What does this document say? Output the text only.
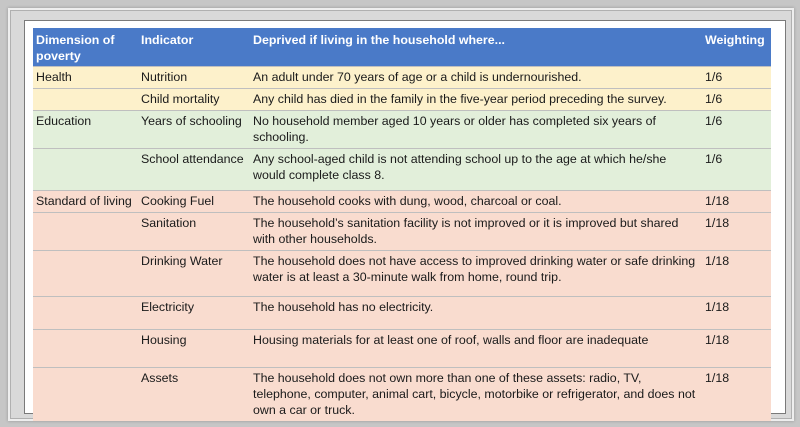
Dimension of poverty	Indicator	Deprived if living in the household where...	Weighting
Health	Nutrition	An adult under 70 years of age or a child is undernourished.	1/6
	Child mortality	Any child has died in the family in the five-year period preceding the survey.	1/6
Education	Years of schooling	No household member aged 10 years or older has completed six years of schooling.	1/6
	School attendance	Any school-aged child is not attending school up to the age at which he/she would complete class 8.	1/6
Standard of living	Cooking Fuel	The household cooks with dung, wood, charcoal or coal.	1/18
	Sanitation	The household’s sanitation facility is not improved or it is improved but shared with other households.	1/18
	Drinking Water	The household does not have access to improved drinking water or safe drinking water is at least a 30-minute walk from home, round trip.	1/18
	Electricity	The household has no electricity.	1/18
	Housing	Housing materials for at least one of roof, walls and floor are inadequate	1/18
	Assets	The household does not own more than one of these assets: radio, TV, telephone, computer, animal cart, bicycle, motorbike or refrigerator, and does not own a car or truck.	1/18
